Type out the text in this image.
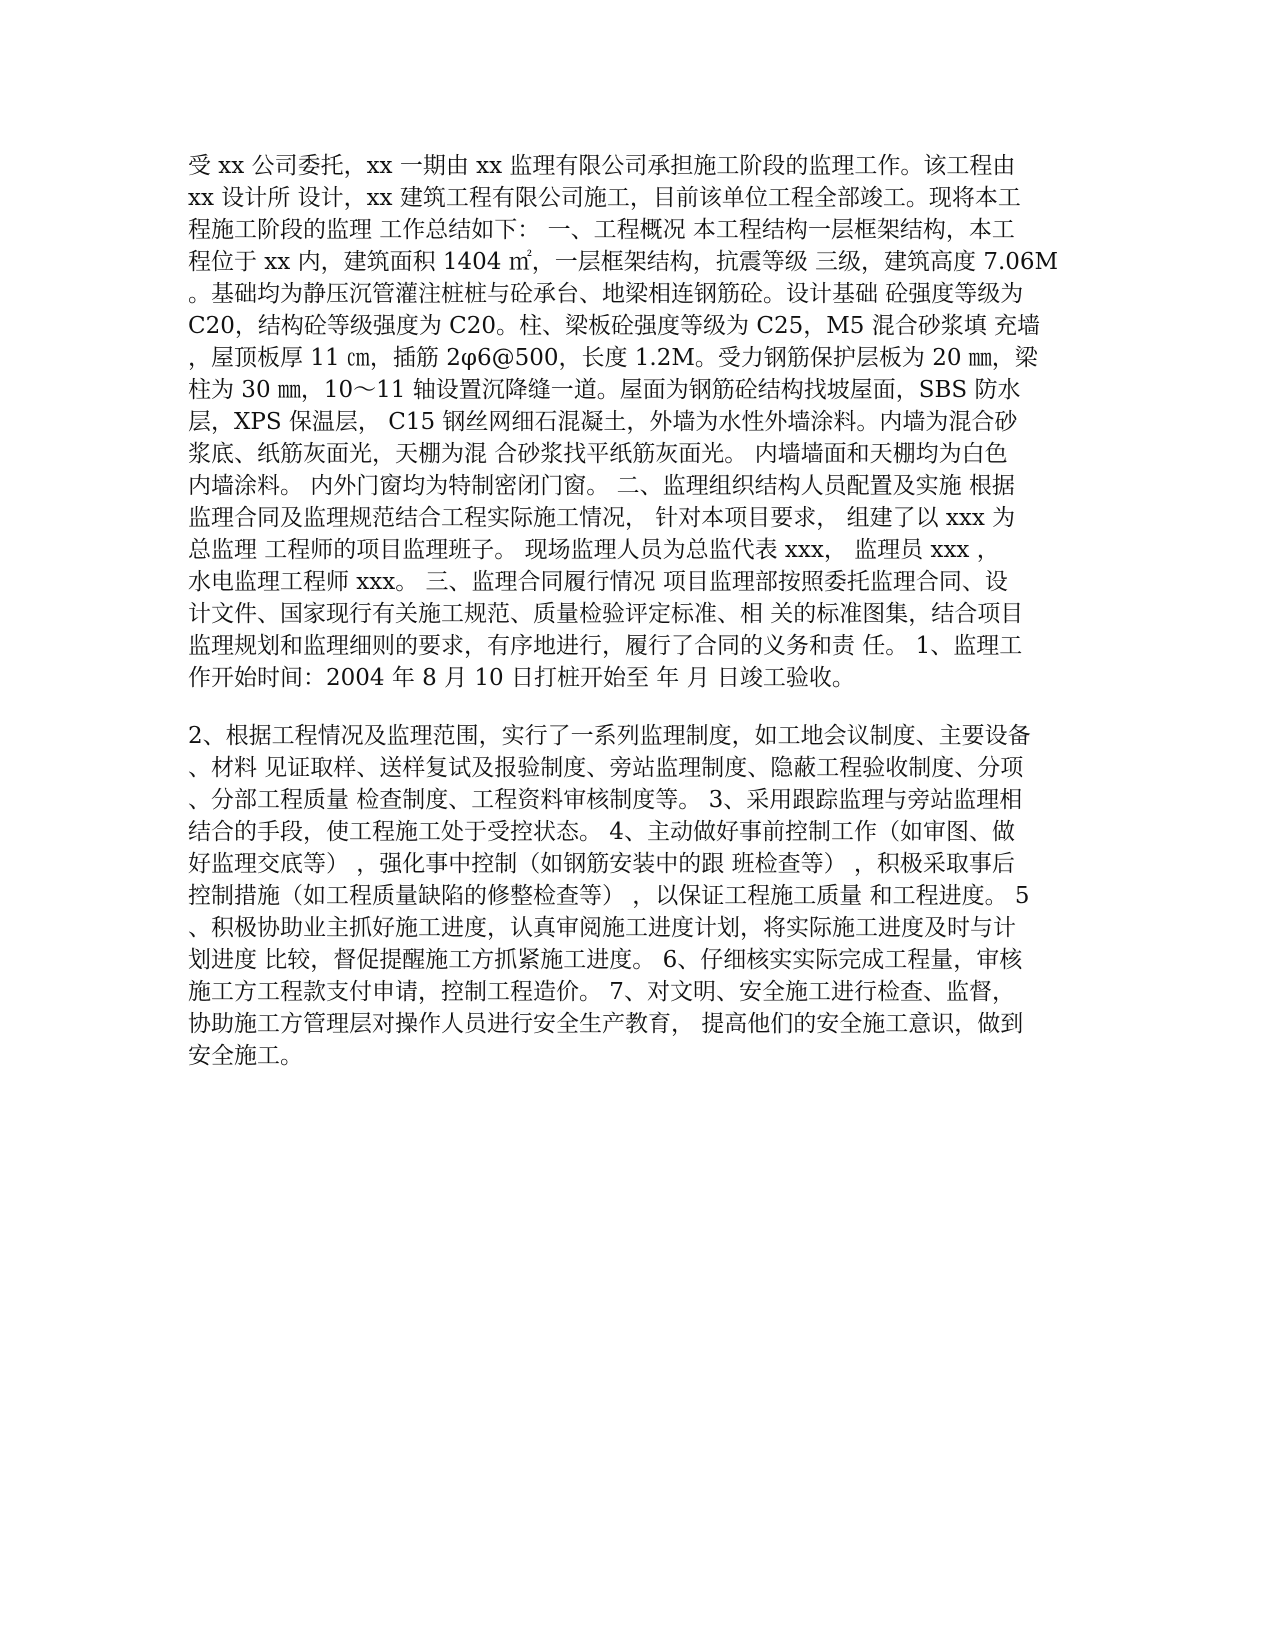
受 xx 公司委托，xx 一期由 xx 监理有限公司承担施工阶段的监理工作。该工程由
xx 设计所 设计，xx 建筑工程有限公司施工，目前该单位工程全部竣工。现将本工
程施工阶段的监理 工作总结如下： 一、工程概况 本工程结构一层框架结构，本工
程位于 xx 内，建筑面积 1404 ㎡，一层框架结构，抗震等级 三级，建筑高度 7.06M
。基础均为静压沉管灌注桩桩与砼承台、地梁相连钢筋砼。设计基础 砼强度等级为
C20，结构砼等级强度为 C20。柱、梁板砼强度等级为 C25，M5 混合砂浆填 充墙
，屋顶板厚 11 ㎝，插筋 2φ6@500，长度 1.2M。受力钢筋保护层板为 20 ㎜，梁
柱为 30 ㎜，10～11 轴设置沉降缝一道。屋面为钢筋砼结构找坡屋面，SBS 防水
层，XPS 保温层， C15 钢丝网细石混凝土，外墙为水性外墙涂料。内墙为混合砂
浆底、纸筋灰面光，天棚为混 合砂浆找平纸筋灰面光。 内墙墙面和天棚均为白色
内墙涂料。 内外门窗均为特制密闭门窗。 二、监理组织结构人员配置及实施 根据
监理合同及监理规范结合工程实际施工情况， 针对本项目要求， 组建了以 xxx 为
总监理 工程师的项目监理班子。 现场监理人员为总监代表 xxx， 监理员 xxx ，
水电监理工程师 xxx。 三、监理合同履行情况 项目监理部按照委托监理合同、设
计文件、国家现行有关施工规范、质量检验评定标准、相 关的标准图集，结合项目
监理规划和监理细则的要求，有序地进行，履行了合同的义务和责 任。 1、监理工
作开始时间：2004 年 8 月 10 日打桩开始至 年 月 日竣工验收。
2、根据工程情况及监理范围，实行了一系列监理制度，如工地会议制度、主要设备
、材料 见证取样、送样复试及报验制度、旁站监理制度、隐蔽工程验收制度、分项
、分部工程质量 检查制度、工程资料审核制度等。 3、采用跟踪监理与旁站监理相
结合的手段，使工程施工处于受控状态。 4、主动做好事前控制工作（如审图、做
好监理交底等） ，强化事中控制（如钢筋安装中的跟 班检查等） ，积极采取事后
控制措施（如工程质量缺陷的修整检查等） ，以保证工程施工质量 和工程进度。 5
、积极协助业主抓好施工进度，认真审阅施工进度计划，将实际施工进度及时与计
划进度 比较，督促提醒施工方抓紧施工进度。 6、仔细核实实际完成工程量，审核
施工方工程款支付申请，控制工程造价。 7、对文明、安全施工进行检查、监督，
协助施工方管理层对操作人员进行安全生产教育， 提高他们的安全施工意识，做到
安全施工。
